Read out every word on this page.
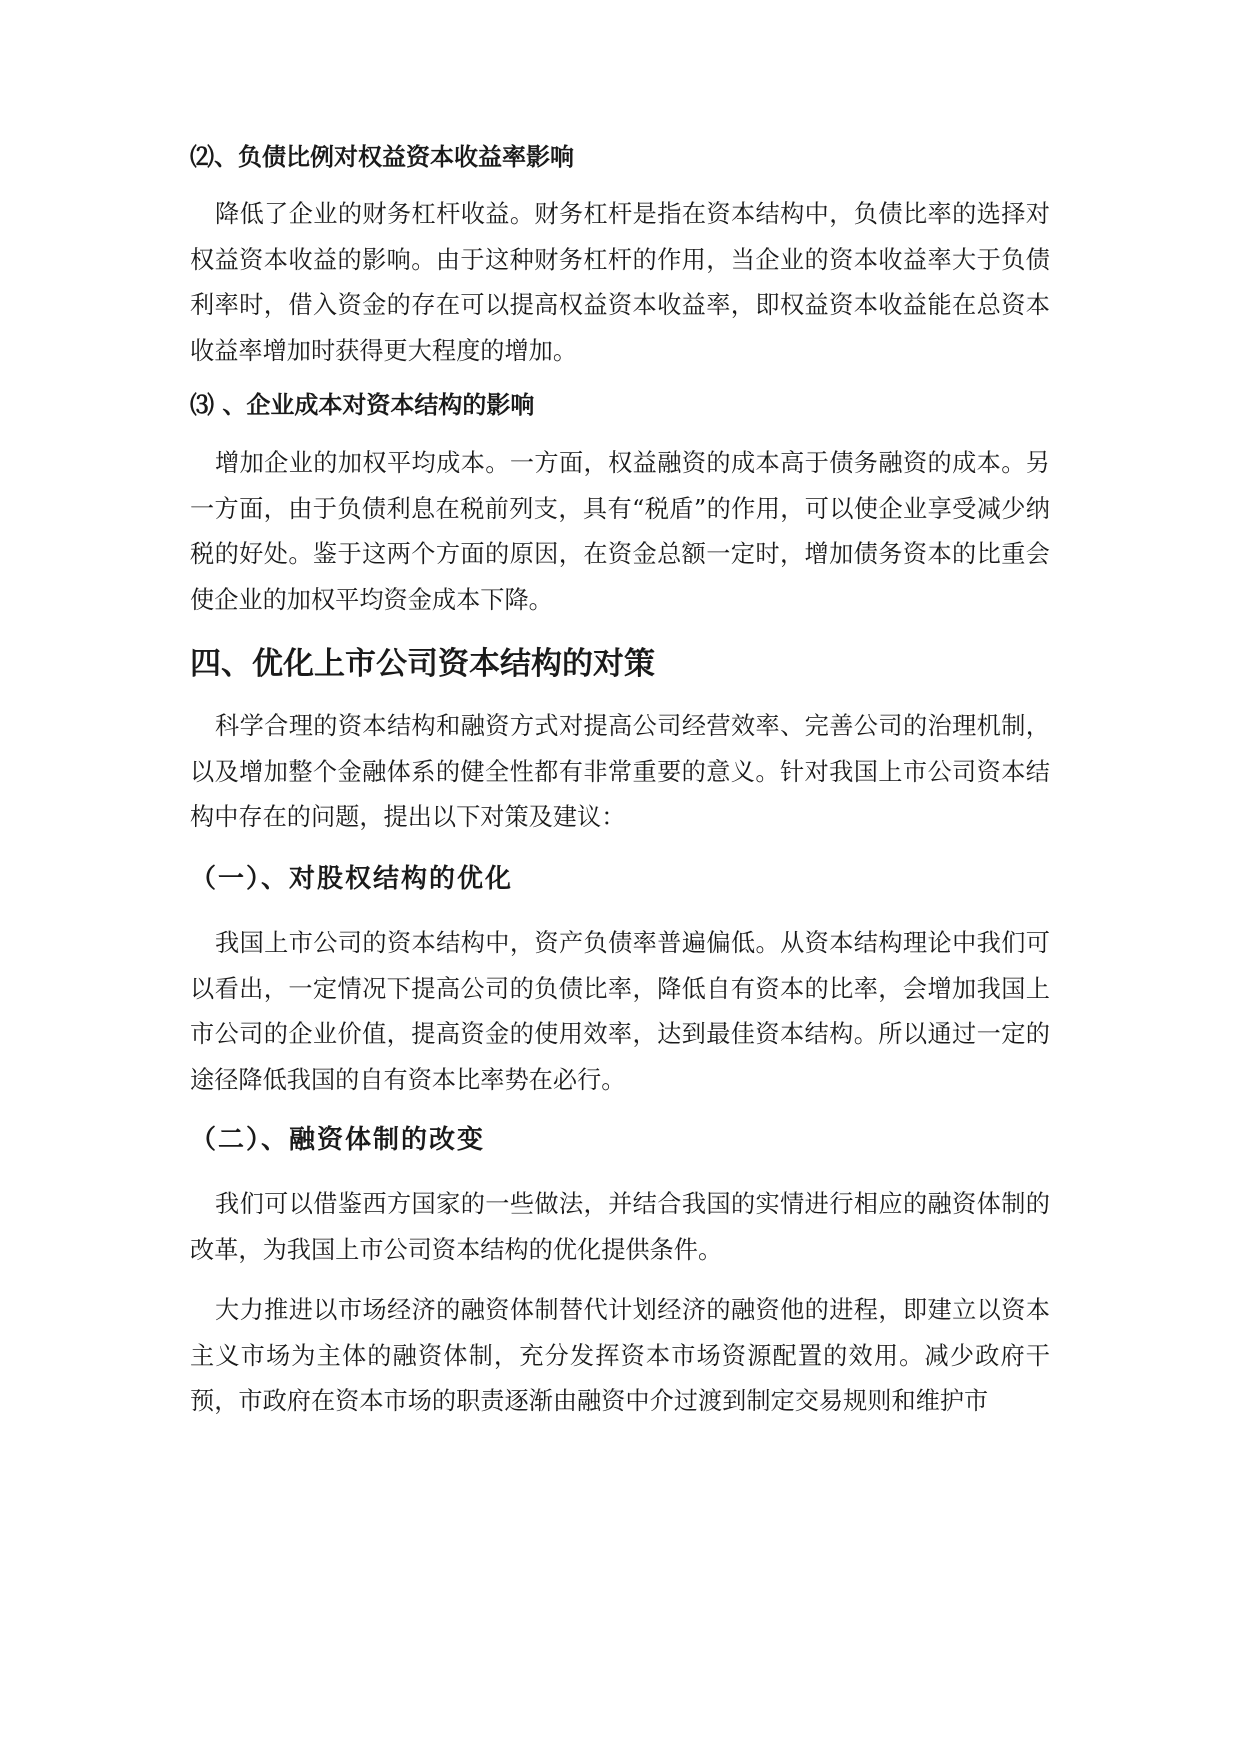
⑵、负债比例对权益资本收益率影响

降低了企业的财务杠杆收益。财务杠杆是指在资本结构中，负债比率的选择对权益资本收益的影响。由于这种财务杠杆的作用，当企业的资本收益率大于负债利率时，借入资金的存在可以提高权益资本收益率，即权益资本收益能在总资本收益率增加时获得更大程度的增加。

⑶ 、企业成本对资本结构的影响

增加企业的加权平均成本。一方面，权益融资的成本高于债务融资的成本。另一方面，由于负债利息在税前列支，具有“税盾”的作用，可以使企业享受减少纳税的好处。鉴于这两个方面的原因，在资金总额一定时，增加债务资本的比重会使企业的加权平均资金成本下降。

四、优化上市公司资本结构的对策

科学合理的资本结构和融资方式对提高公司经营效率、完善公司的治理机制，以及增加整个金融体系的健全性都有非常重要的意义。针对我国上市公司资本结构中存在的问题，提出以下对策及建议：

（一）、对股权结构的优化

我国上市公司的资本结构中，资产负债率普遍偏低。从资本结构理论中我们可以看出，一定情况下提高公司的负债比率，降低自有资本的比率，会增加我国上市公司的企业价值，提高资金的使用效率，达到最佳资本结构。所以通过一定的途径降低我国的自有资本比率势在必行。

（二）、融资体制的改变

我们可以借鉴西方国家的一些做法，并结合我国的实情进行相应的融资体制的改革，为我国上市公司资本结构的优化提供条件。

大力推进以市场经济的融资体制替代计划经济的融资他的进程，即建立以资本主义市场为主体的融资体制，充分发挥资本市场资源配置的效用。减少政府干预，市政府在资本市场的职责逐渐由融资中介过渡到制定交易规则和维护市
